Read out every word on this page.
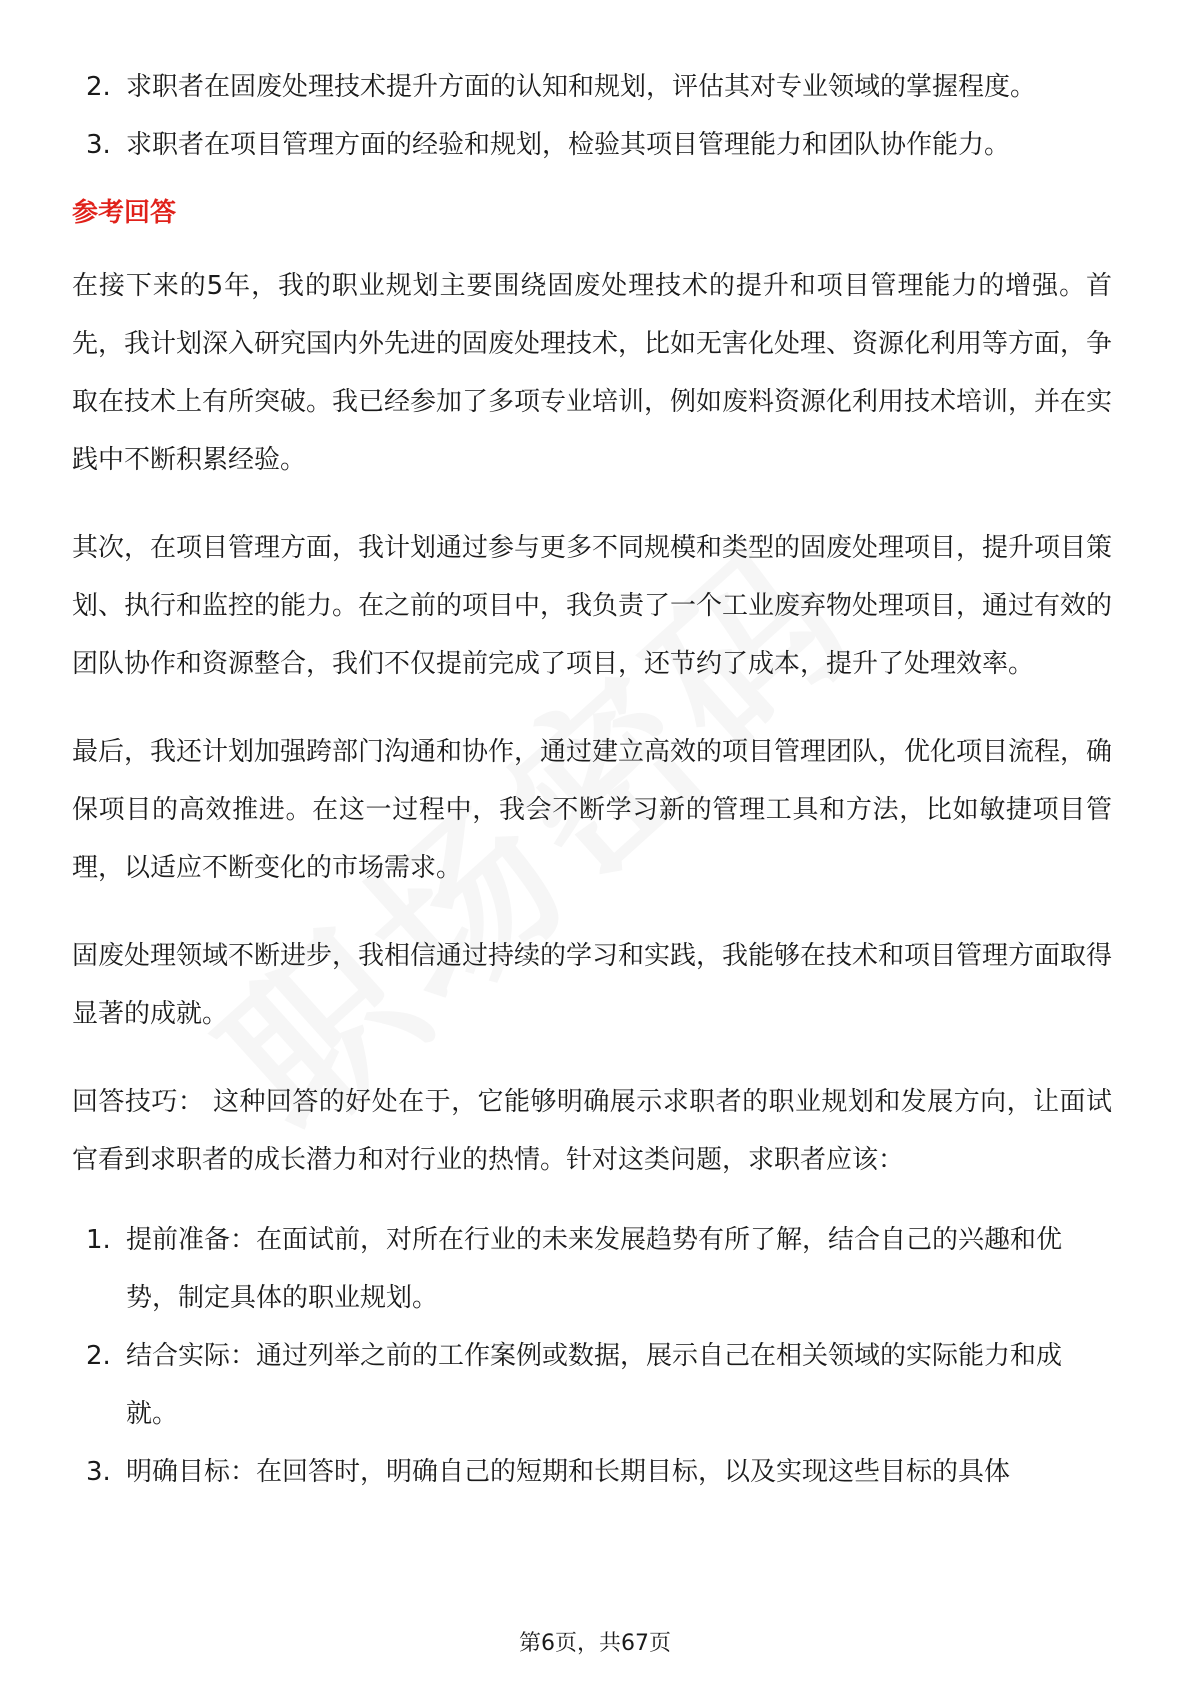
2. 求职者在固废处理技术提升方面的认知和规划，评估其对专业领域的掌握程度。
3. 求职者在项目管理方面的经验和规划，检验其项目管理能力和团队协作能力。
参考回答

在接下来的5年，我的职业规划主要围绕固废处理技术的提升和项目管理能力的增强。首先，我计划深入研究国内外先进的固废处理技术，比如无害化处理、资源化利用等方面，争取在技术上有所突破。我已经参加了多项专业培训，例如废料资源化利用技术培训，并在实践中不断积累经验。

其次，在项目管理方面，我计划通过参与更多不同规模和类型的固废处理项目，提升项目策划、执行和监控的能力。在之前的项目中，我负责了一个工业废弃物处理项目，通过有效的团队协作和资源整合，我们不仅提前完成了项目，还节约了成本，提升了处理效率。

最后，我还计划加强跨部门沟通和协作，通过建立高效的项目管理团队，优化项目流程，确保项目的高效推进。在这一过程中，我会不断学习新的管理工具和方法，比如敏捷项目管理，以适应不断变化的市场需求。

固废处理领域不断进步，我相信通过持续的学习和实践，我能够在技术和项目管理方面取得显著的成就。

回答技巧： 这种回答的好处在于，它能够明确展示求职者的职业规划和发展方向，让面试官看到求职者的成长潜力和对行业的热情。针对这类问题，求职者应该：

1. 提前准备：在面试前，对所在行业的未来发展趋势有所了解，结合自己的兴趣和优势，制定具体的职业规划。
2. 结合实际：通过列举之前的工作案例或数据，展示自己在相关领域的实际能力和成就。
3. 明确目标：在回答时，明确自己的短期和长期目标，以及实现这些目标的具体
第6页，共67页
